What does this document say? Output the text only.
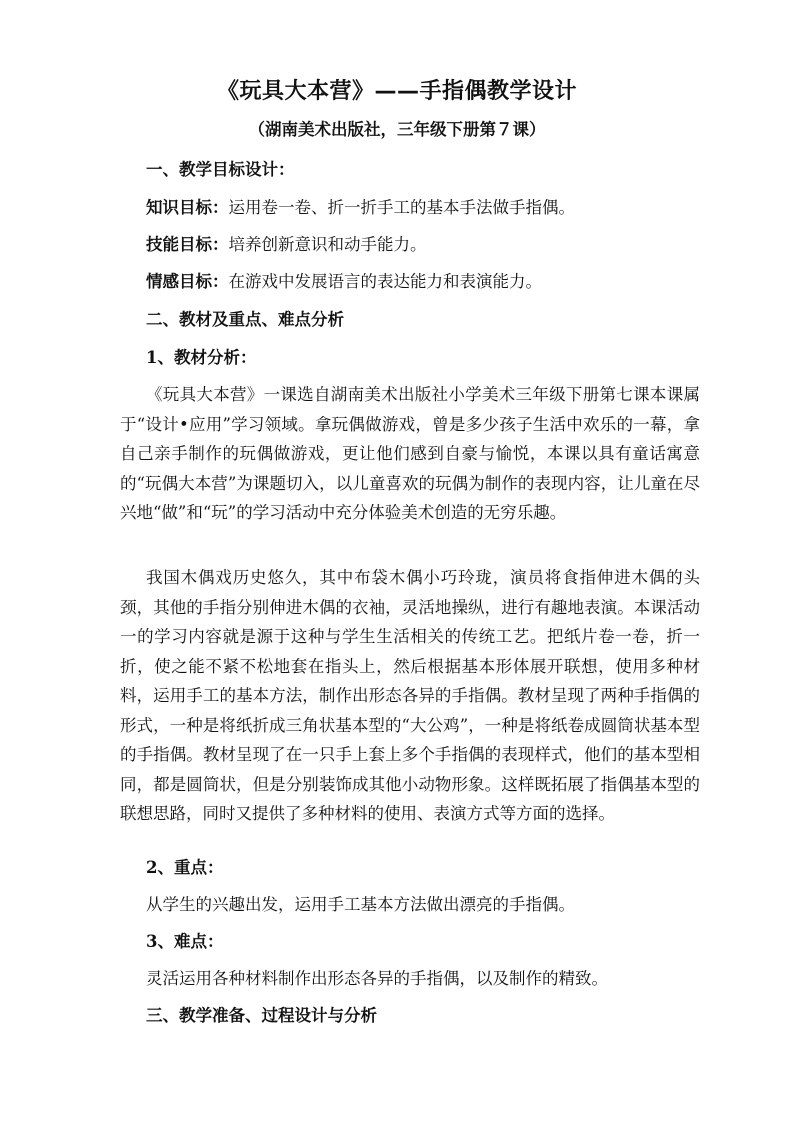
《玩具大本营》——手指偶教学设计
（湖南美术出版社，三年级下册第７课）
一、教学目标设计：
知识目标：运用卷一卷、折一折手工的基本手法做手指偶。
技能目标：培养创新意识和动手能力。
情感目标：在游戏中发展语言的表达能力和表演能力。
二、教材及重点、难点分析
1、教材分析：
《玩具大本营》一课选自湖南美术出版社小学美术三年级下册第七课本课属于“设计•应用”学习领域。拿玩偶做游戏，曾是多少孩子生活中欢乐的一幕，拿自己亲手制作的玩偶做游戏，更让他们感到自豪与愉悦，本课以具有童话寓意的“玩偶大本营”为课题切入，以儿童喜欢的玩偶为制作的表现内容，让儿童在尽兴地“做”和“玩”的学习活动中充分体验美术创造的无穷乐趣。
我国木偶戏历史悠久，其中布袋木偶小巧玲珑，演员将食指伸进木偶的头颈，其他的手指分别伸进木偶的衣袖，灵活地操纵，进行有趣地表演。本课活动一的学习内容就是源于这种与学生生活相关的传统工艺。把纸片卷一卷，折一折，使之能不紧不松地套在指头上，然后根据基本形体展开联想，使用多种材料，运用手工的基本方法，制作出形态各异的手指偶。教材呈现了两种手指偶的形式，一种是将纸折成三角状基本型的“大公鸡”，一种是将纸卷成圆筒状基本型的手指偶。教材呈现了在一只手上套上多个手指偶的表现样式，他们的基本型相同，都是圆筒状，但是分别装饰成其他小动物形象。这样既拓展了指偶基本型的联想思路，同时又提供了多种材料的使用、表演方式等方面的选择。
2、重点：
从学生的兴趣出发，运用手工基本方法做出漂亮的手指偶。
3、难点：
灵活运用各种材料制作出形态各异的手指偶，以及制作的精致。
三、教学准备、过程设计与分析
